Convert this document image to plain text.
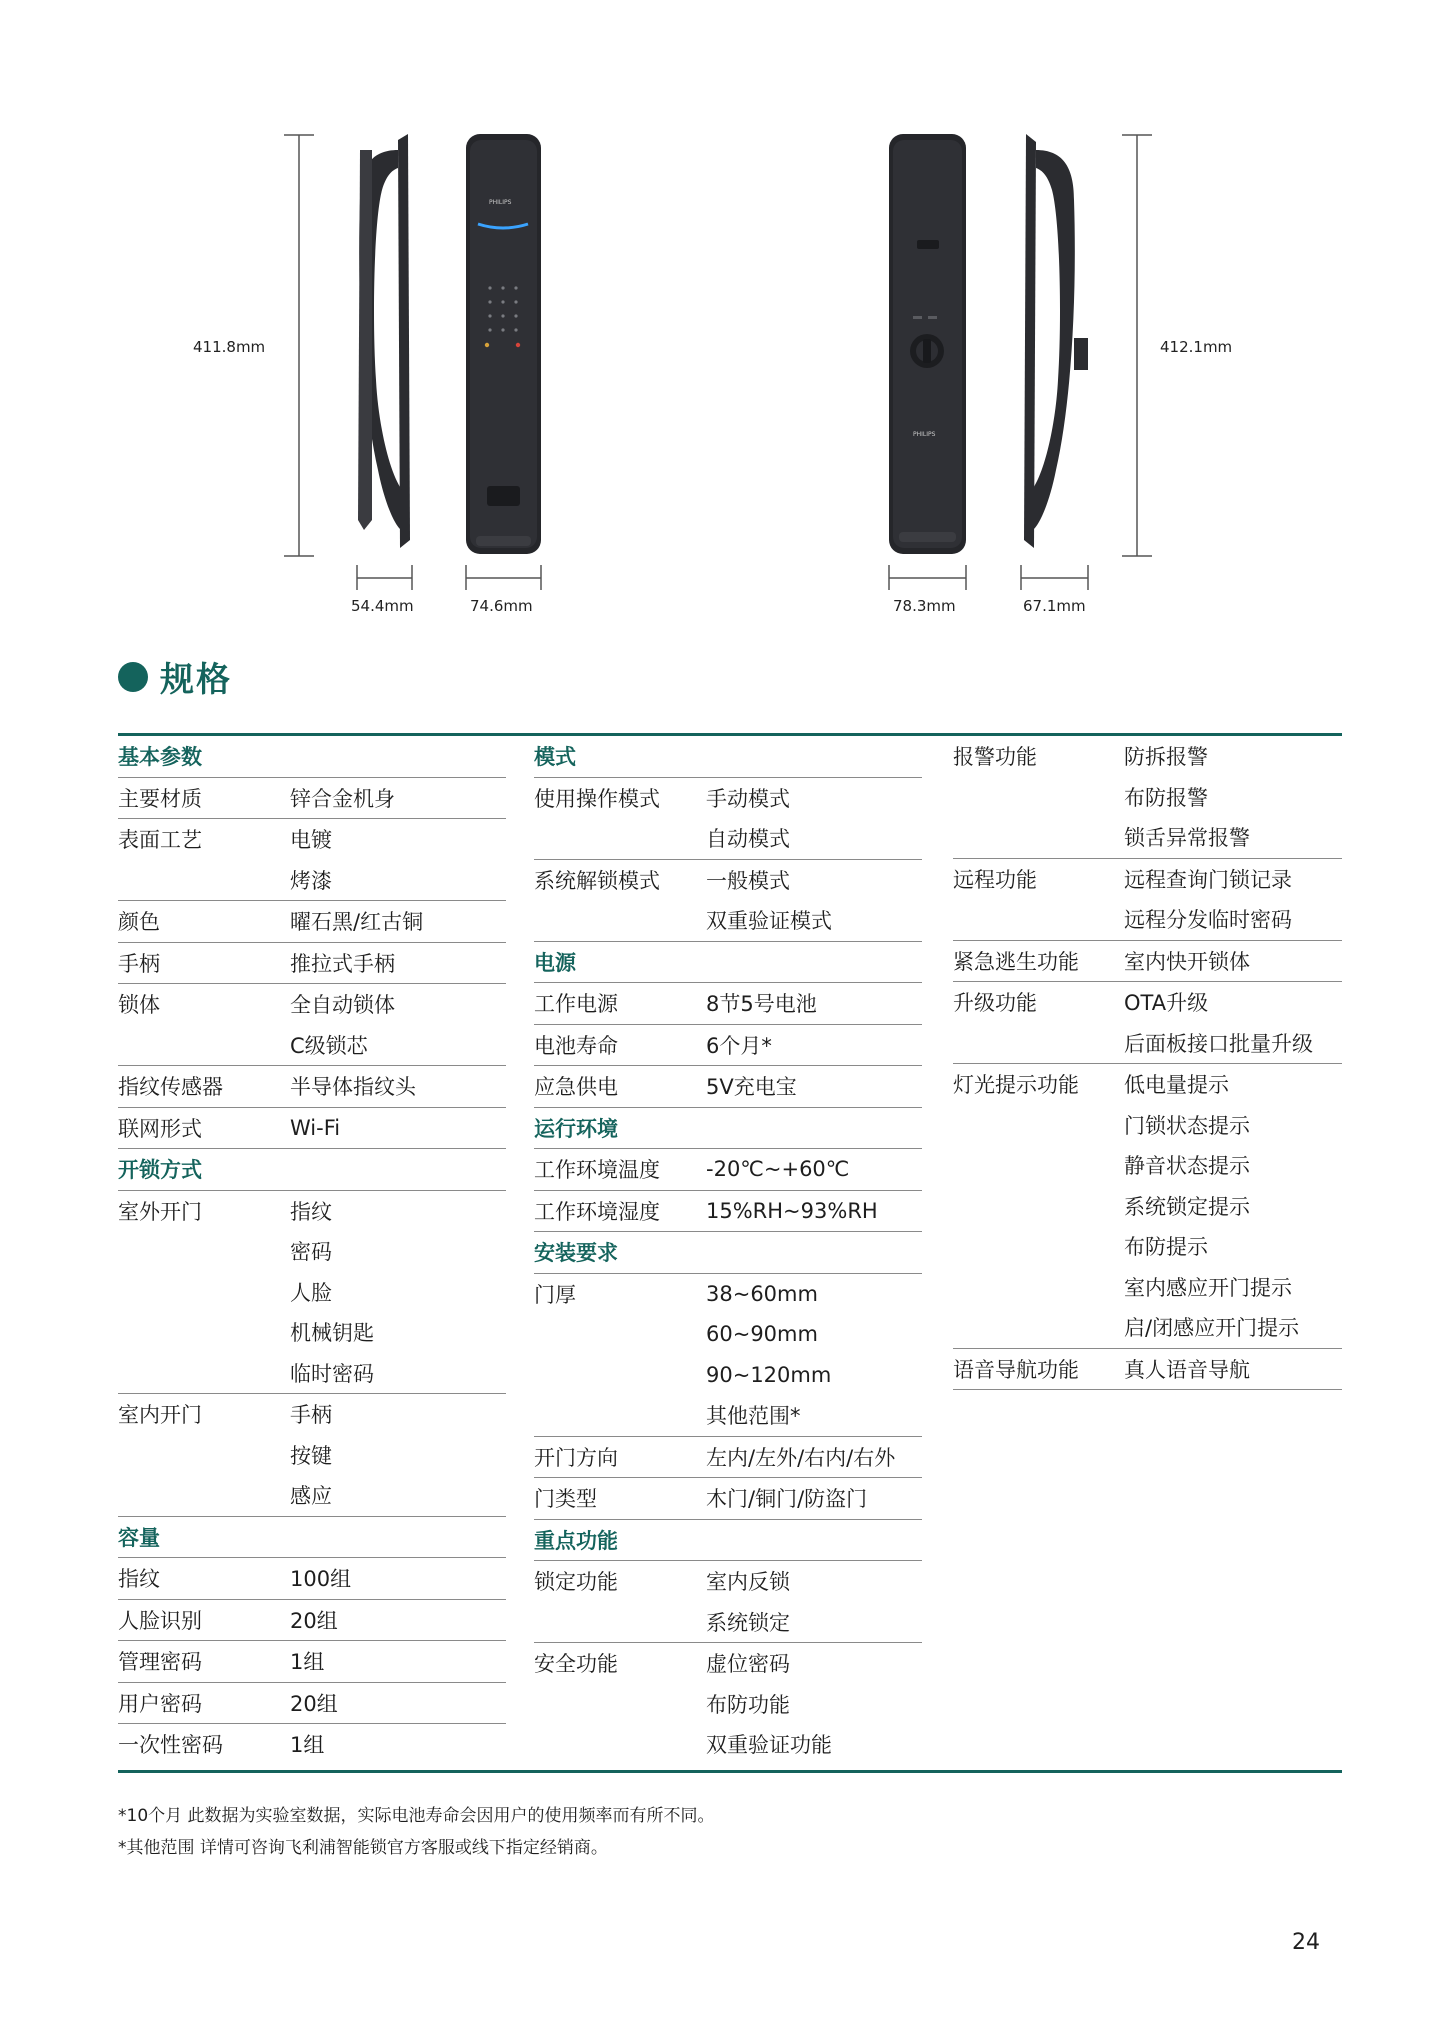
411.8mm	412.1mm
54.4mm	74.6mm	78.3mm	67.1mm
PHILIPS
PHILIPS
规格
基本参数
主要材质	锌合金机身
表面工艺	电镀
烤漆
颜色	曜石黑/红古铜
手柄	推拉式手柄
锁体	全自动锁体
C级锁芯
指纹传感器	半导体指纹头
联网形式	Wi-Fi
开锁方式
室外开门	指纹
密码
人脸
机械钥匙
临时密码
室内开门	手柄
按键
感应
容量
指纹	100组
人脸识别	20组
管理密码	1组
用户密码	20组
一次性密码	1组
模式
使用操作模式 手动模式
自动模式
系统解锁模式 一般模式
双重验证模式
电源
工作电源	8节5号电池
电池寿命	6个月*
应急供电	5V充电宝
运行环境
工作环境温度 -20℃~+60℃
工作环境湿度 15%RH~93%RH
安装要求
门厚	38~60mm
60~90mm
90~120mm
其他范围*
开门方向	左内/左外/右内/右外
门类型	木门/铜门/防盗门
重点功能
锁定功能	室内反锁
系统锁定
安全功能	虚位密码
布防功能
双重验证功能
报警功能	防拆报警
布防报警
锁舌异常报警
远程功能	远程查询门锁记录
远程分发临时密码
紧急逃生功能 室内快开锁体
升级功能	OTA升级
后面板接口批量升级
灯光提示功能 低电量提示
门锁状态提示
静音状态提示
系统锁定提示
布防提示
室内感应开门提示
启/闭感应开门提示
语音导航功能 真人语音导航
*10个月 此数据为实验室数据，实际电池寿命会因用户的使用频率而有所不同。
*其他范围 详情可咨询飞利浦智能锁官方客服或线下指定经销商。
24
